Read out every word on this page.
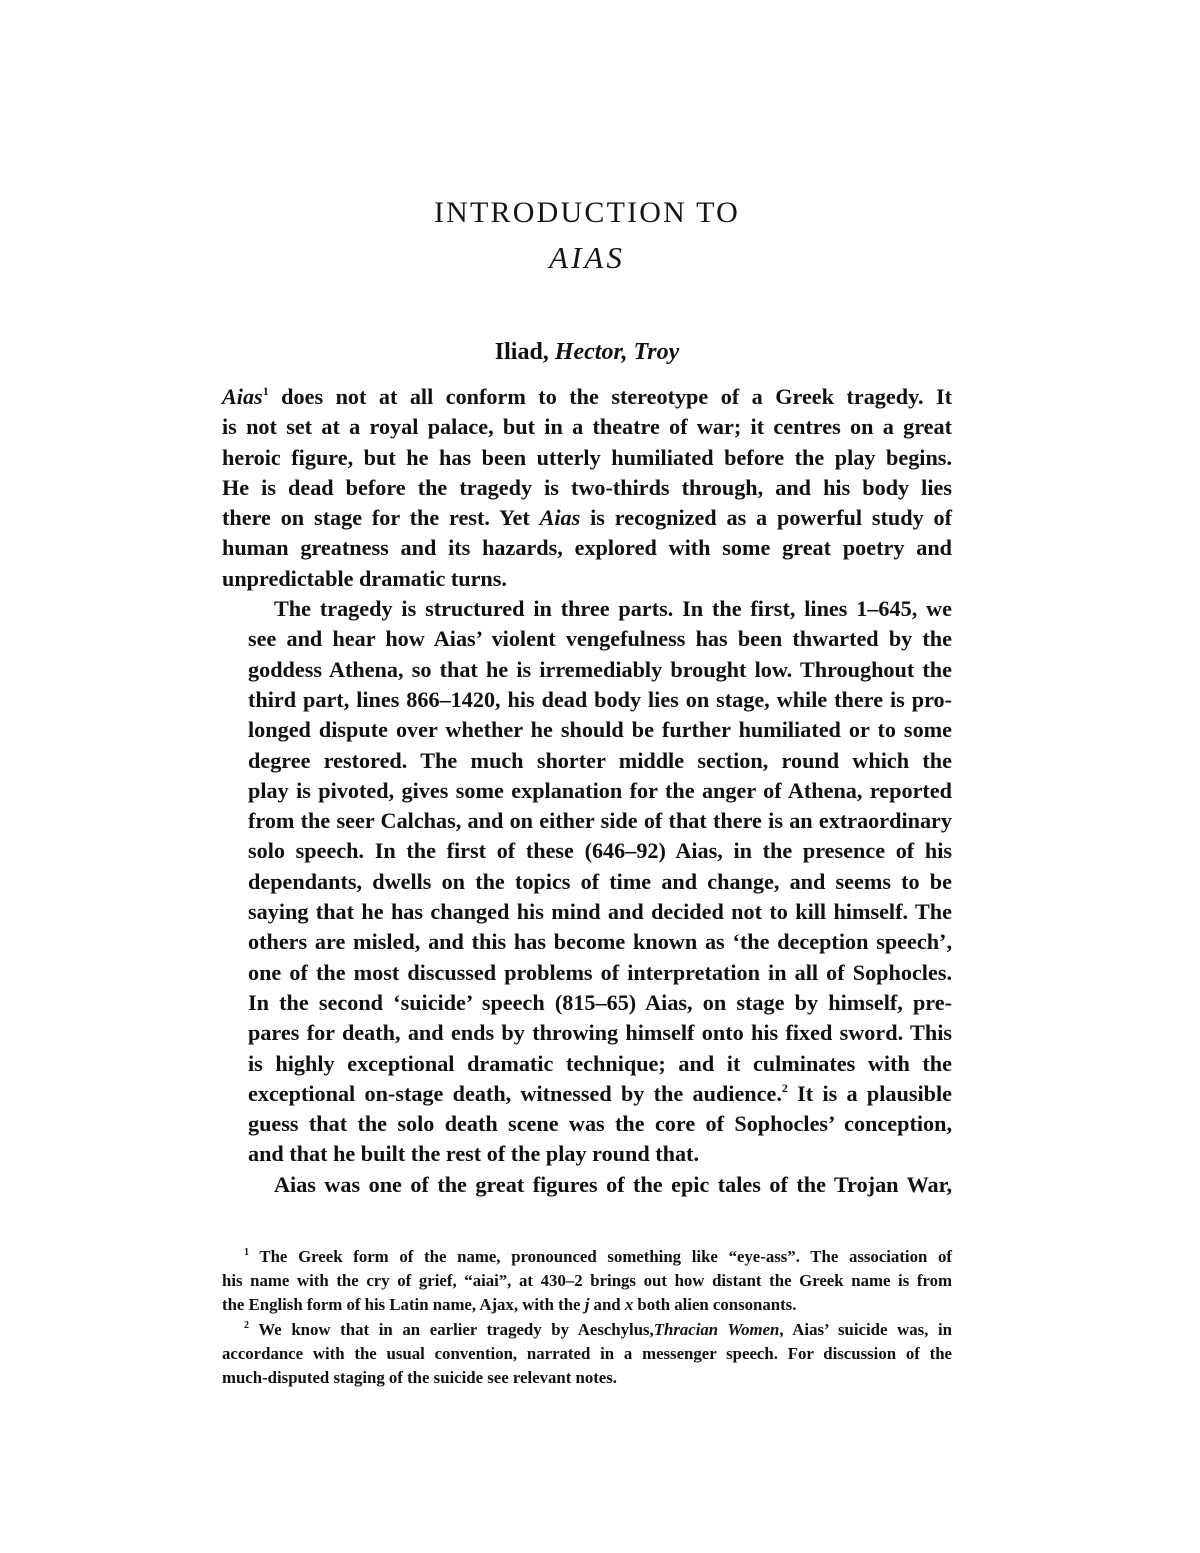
INTRODUCTION TO
AIAS
Iliad, Hector, Troy

Aias$^1$ does not at all conform to the stereotype of a Greek tragedy. It
is not set at a royal palace, but in a theatre of war; it centres on a great
heroic figure, but he has been utterly humiliated before the play begins.
He is dead before the tragedy is two-thirds through, and his body lies
there on stage for the rest. Yet Aias is recognized as a powerful study of
human greatness and its hazards, explored with some great poetry and
unpredictable dramatic turns.

The tragedy is structured in three parts. In the first, lines 1–645, we
see and hear how Aias’ violent vengefulness has been thwarted by the
goddess Athena, so that he is irremediably brought low. Throughout the
third part, lines 866–1420, his dead body lies on stage, while there is pro-
longed dispute over whether he should be further humiliated or to some
degree restored. The much shorter middle section, round which the
play is pivoted, gives some explanation for the anger of Athena, reported
from the seer Calchas, and on either side of that there is an extraordinary
solo speech. In the first of these (646–92) Aias, in the presence of his
dependants, dwells on the topics of time and change, and seems to be
saying that he has changed his mind and decided not to kill himself. The
others are misled, and this has become known as ‘the deception speech’,
one of the most discussed problems of interpretation in all of Sophocles.
In the second ‘suicide’ speech (815–65) Aias, on stage by himself, pre-
pares for death, and ends by throwing himself onto his fixed sword. This
is highly exceptional dramatic technique; and it culminates with the
exceptional on-stage death, witnessed by the audience.$^2$ It is a plausible
guess that the solo death scene was the core of Sophocles’ conception,
and that he built the rest of the play round that.

Aias was one of the great figures of the epic tales of the Trojan War,

$^1$ The Greek form of the name, pronounced something like “eye-ass”. The association of
his name with the cry of grief, “aiai”, at 430–2 brings out how distant the Greek name is from
the English form of his Latin name, Ajax, with the j and x both alien consonants.
$^2$ We know that in an earlier tragedy by Aeschylus,Thracian Women, Aias’ suicide was, in
accordance with the usual convention, narrated in a messenger speech. For discussion of the
much-disputed staging of the suicide see relevant notes.
